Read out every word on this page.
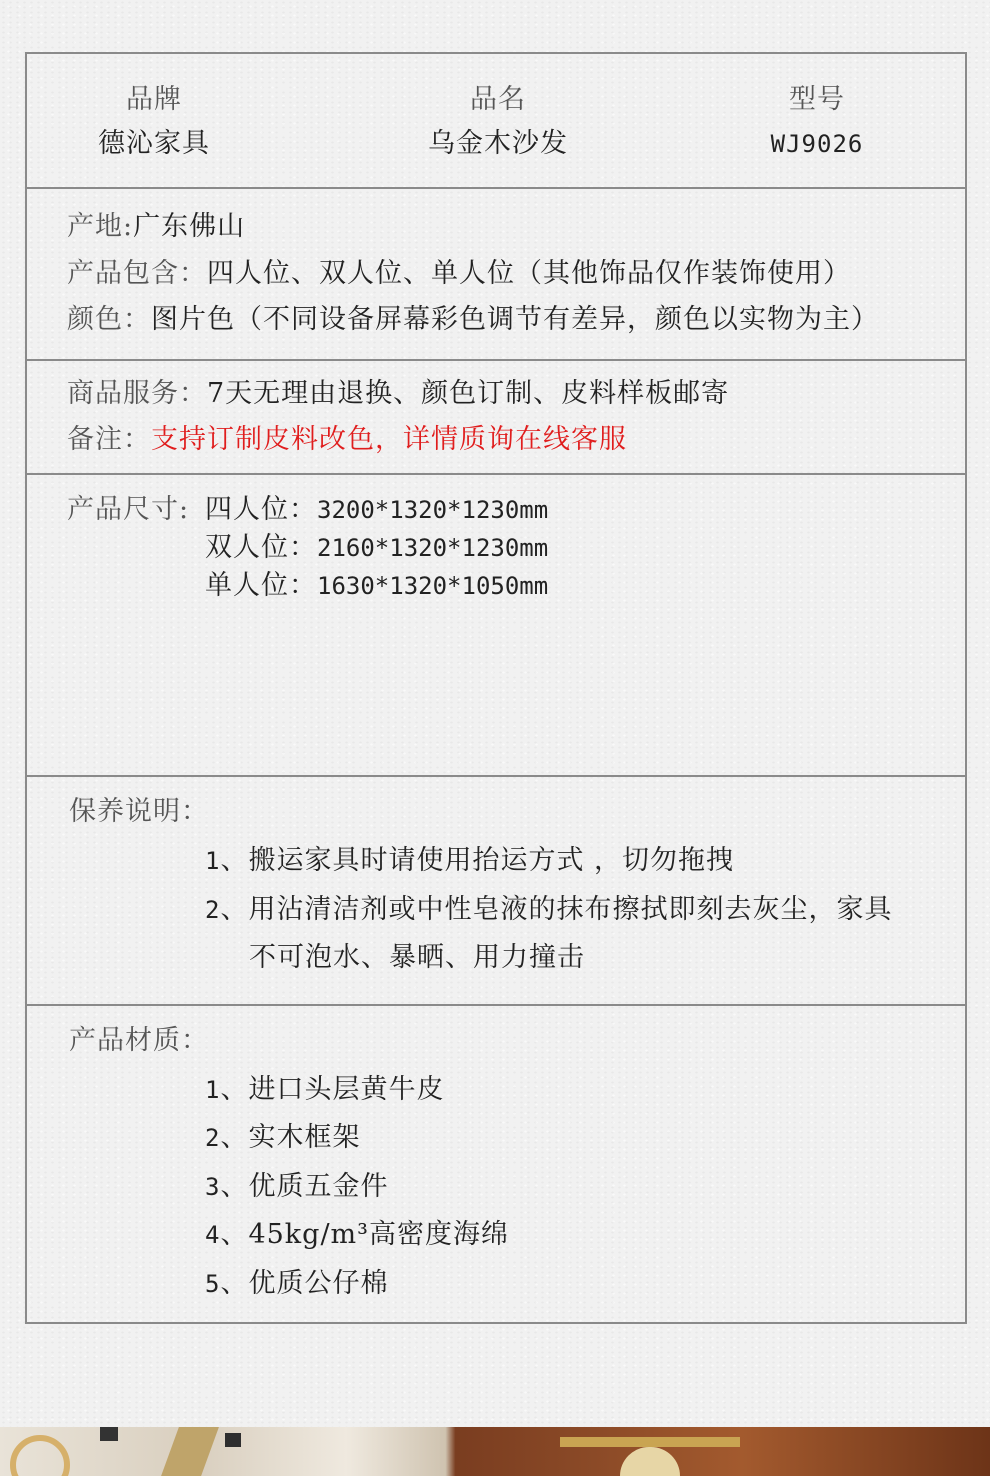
品牌
德沁家具
品名
乌金木沙发
型号
WJ9026
产地:广东佛山
产品包含：四人位、双人位、单人位（其他饰品仅作装饰使用）
颜色：图片色（不同设备屏幕彩色调节有差异，颜色以实物为主）
商品服务：7天无理由退换、颜色订制、皮料样板邮寄
备注：支持订制皮料改色，详情质询在线客服
产品尺寸: 四人位：3200*1320*1230mm
双人位：2160*1320*1230mm
单人位：1630*1320*1050mm
保养说明：
1、搬运家具时请使用抬运方式 ，切勿拖拽
2、用沾清洁剂或中性皂液的抹布擦拭即刻去灰尘，家具
不可泡水、暴晒、用力撞击
产品材质：
1、进口头层黄牛皮
2、实木框架
3、优质五金件
4、45kg/m³高密度海绵
5、优质公仔棉
